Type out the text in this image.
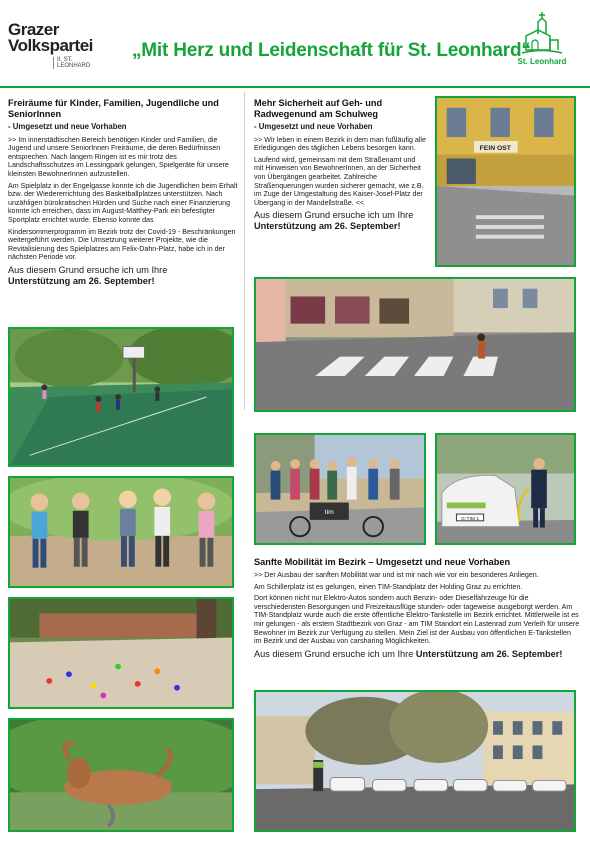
Grazer
Volkspartei
II. ST. LEONHARD
„Mit Herz und Leidenschaft für St. Leonhard“
St. Leonhard
Freiräume für Kinder, Familien, Jugendliche und SeniorInnen
- Umgesetzt und neue Vorhaben

>> Im innerstädtischen Bereich benötigen Kinder und Familien, die Jugend und unsere SeniorInnen Freiräume, die deren Bedürfnissen entsprechen. Nach langem Ringen ist es mir trotz des Landschaftsschutzes im Lessingpark gelungen, Spielgeräte für unsere kleinsten BewohnerInnen aufzustellen.

Am Spielplatz in der Engelgasse konnte ich die Jugendlichen beim Erhalt bzw. der Wiedererrichtung des Basketballplatzes unterstützen. Nach unzähligen bürokratischen Hürden und Suche nach einer Finanzierung konnte ich erreichen, dass im August-Matthey-Park ein befestigter Sportplatz errichtet wurde. Ebenso konnte das

Kindersommerprogramm im Bezirk trotz der Covid-19 - Beschränkungen weitergeführt werden. Die Umsetzung weiterer Projekte, wie die Revitalisierung des Spielplatzes am Felix-Dahn-Platz, habe ich in der nächsten Periode vor.

Aus diesem Grund ersuche ich um Ihre
Unterstützung am 26. September!
Mehr Sicherheit auf Geh- und Radwegenund am Schulweg
- Umgesetzt und neue Vorhaben

>> Wir leben in einem Bezirk in dem man fußläufig alle Erledigungen des täglichen Lebens besorgen kann.

Laufend wird, gemeinsam mit dem Straßenamt und mit Hinweisen von BewohnerInnen, an der Sicherheit von Übergängen gearbeitet. Zahlreiche Straßenquerungen wurden sicherer gemacht, wie z.B. im Zuge der Umgestaltung des Kaiser-Josef-Platz der Übergang in der Mandellstraße. <<

Aus diesem Grund ersuche ich um Ihre
Unterstützung am 26. September!
Sanfte Mobilität im Bezirk – Umgesetzt und neue Vorhaben

>> Der Ausbau der sanften Mobilität war und ist mir nach wie vor ein besonderes Anliegen.

Am Schillerplatz ist es gelungen, einen TIM-Standplatz der Holding Graz zu errichten.

Dort können nicht nur Elektro-Autos sondern auch Benzin- oder Dieselfahrzeuge für die verschiedensten Besorgungen und Freizeitausflüge stunden- oder tageweise ausgeborgt werden. Am TIM-Standplatz wurde auch die erste öffentliche Elektro-Tankstelle im Bezirk errichtet. Mittlerweile ist es mir gelungen - als erstem Stadtbezirk von Graz - am TIM Standort ein Lastenrad zum Verleih für unsere Bewohner im Bezirk zur Verfügung zu stellen. Mein Ziel ist der Ausbau von öffentlichen E-Tankstellen im Bezirk und der Ausbau von carsharing Möglichkeiten.

Aus diesem Grund ersuche ich um Ihre Unterstützung am 26. September!
FEIN OST
tim
G·TIM 1
